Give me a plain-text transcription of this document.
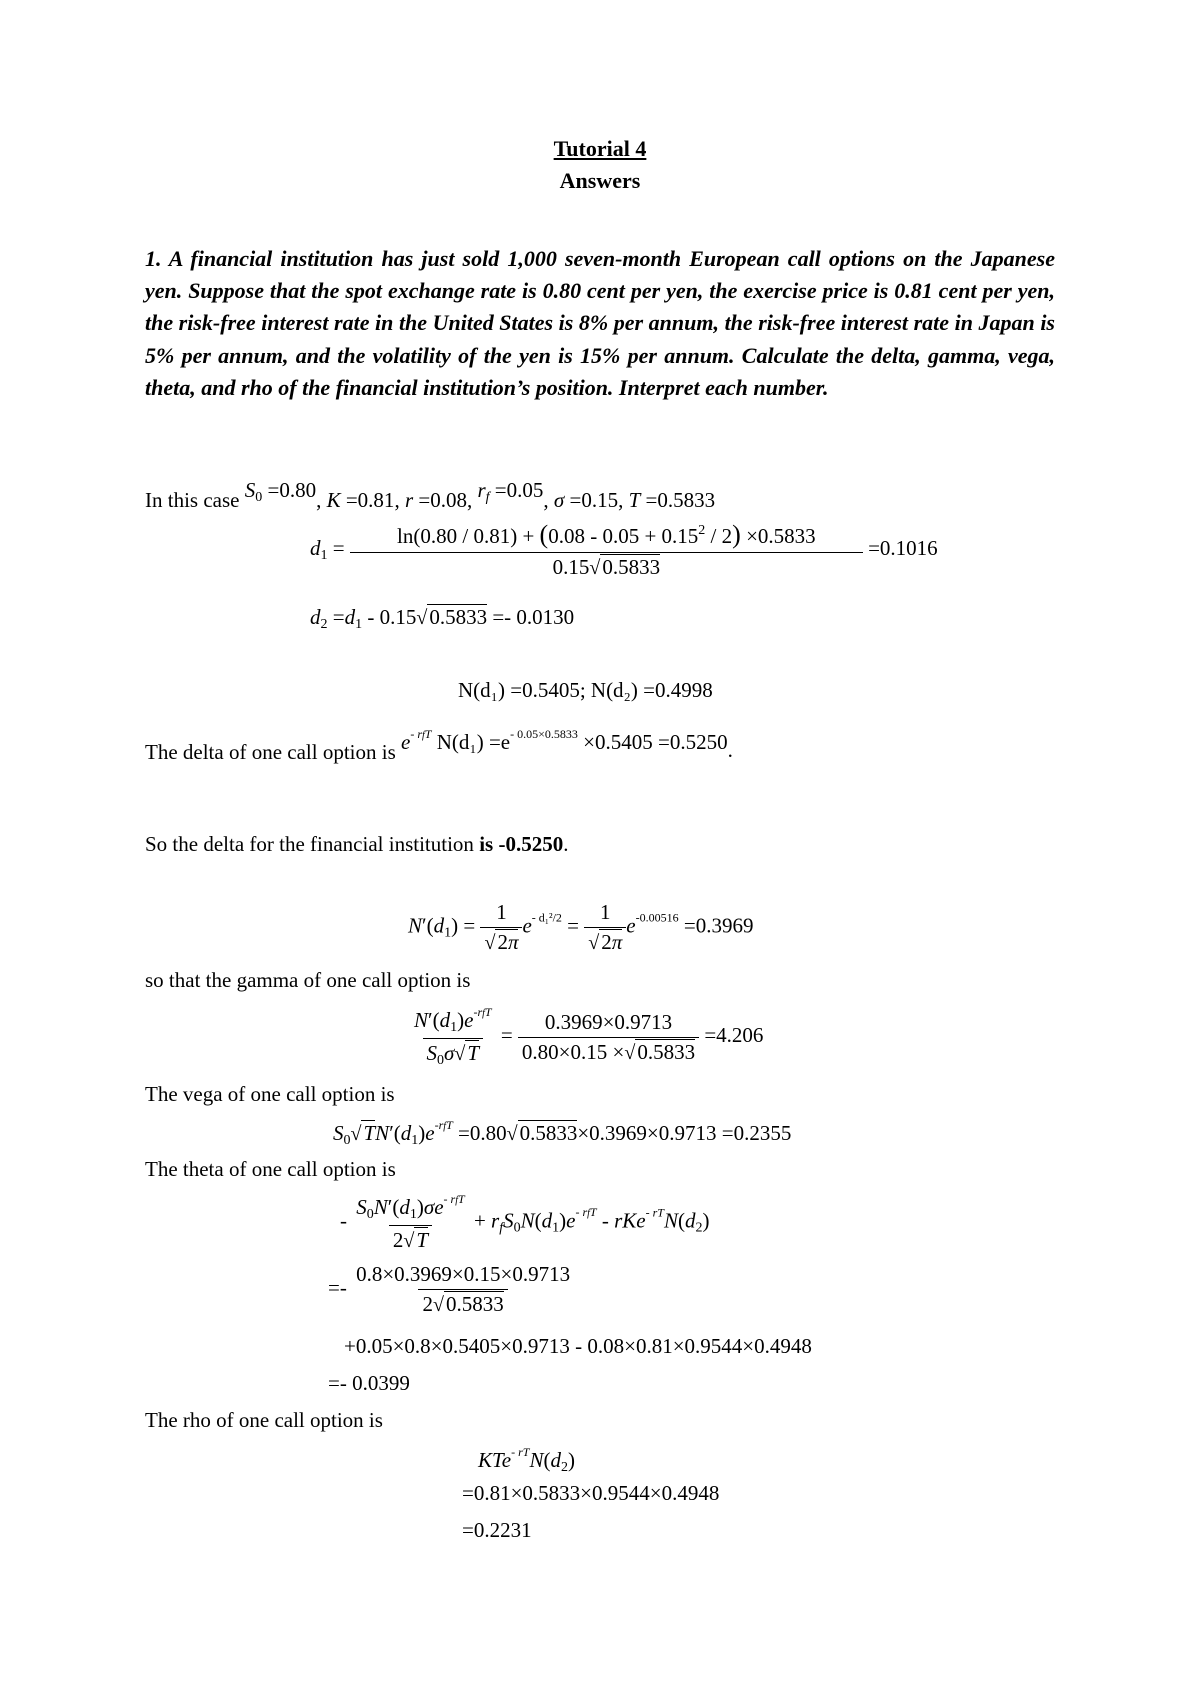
Tutorial 4
Answers
1. A financial institution has just sold 1,000 seven-month European call options on the Japanese yen. Suppose that the spot exchange rate is 0.80 cent per yen, the exercise price is 0.81 cent per yen, the risk-free interest rate in the United States is 8% per annum, the risk-free interest rate in Japan is 5% per annum, and the volatility of the yen is 15% per annum. Calculate the delta, gamma, vega, theta, and rho of the financial institution’s position. Interpret each number.
In this case $S_0 =0.80$, K =0.81, r =0.08, $r_f =0.05$, σ =0.15, T =0.5833
$d_1 = \frac{\ln(0.80 / 0.81) + (0.08 - 0.05 + 0.15^2 / 2) \times 0.5833}{0.15√0.5833} =0.1016$
$d_2 =d_1 - 0.15√0.5833 =- 0.0130$
N(d₁) =0.5405; N(d₂) =0.4998
The delta of one call option is $e^{- rfT}$ $N(d_1) =e^{- 0.05\times 0.5833} \times 0.5405 =0.5250$.
So the delta for the financial institution is -0.5250.
$N'(d_1) = \frac{1}{√2\pi} e^{- d_1^2/2} = \frac{1}{√2\pi} e^{-0.00516} =0.3969$
so that the gamma of one call option is
$\frac{N'(d_1)e^{-rfT}}{S_0\sigma√T} = \frac{0.3969\times 0.9713}{0.80\times 0.15 \times√0.5833} =4.206$
The vega of one call option is
$S_0√TN'(d_1)e^{-rfT} =0.80√0.5833\times 0.3969\times 0.9713 =0.2355$
The theta of one call option is
- $\frac{S_0N'(d_1)\sigma e^{- rfT}}{2√T} + r_fS_0N(d_1)e^{- rfT} - rKe^{- rT}N(d_2)$
=- $\frac{0.8\times 0.3969\times 0.15\times 0.9713}{2√0.5833}$
+0.05×0.8×0.5405×0.9713 - 0.08×0.81×0.9544×0.4948
=- 0.0399
The rho of one call option is
$KTe^{- rT}N(d_2)$
=0.81×0.5833×0.9544×0.4948
=0.2231
